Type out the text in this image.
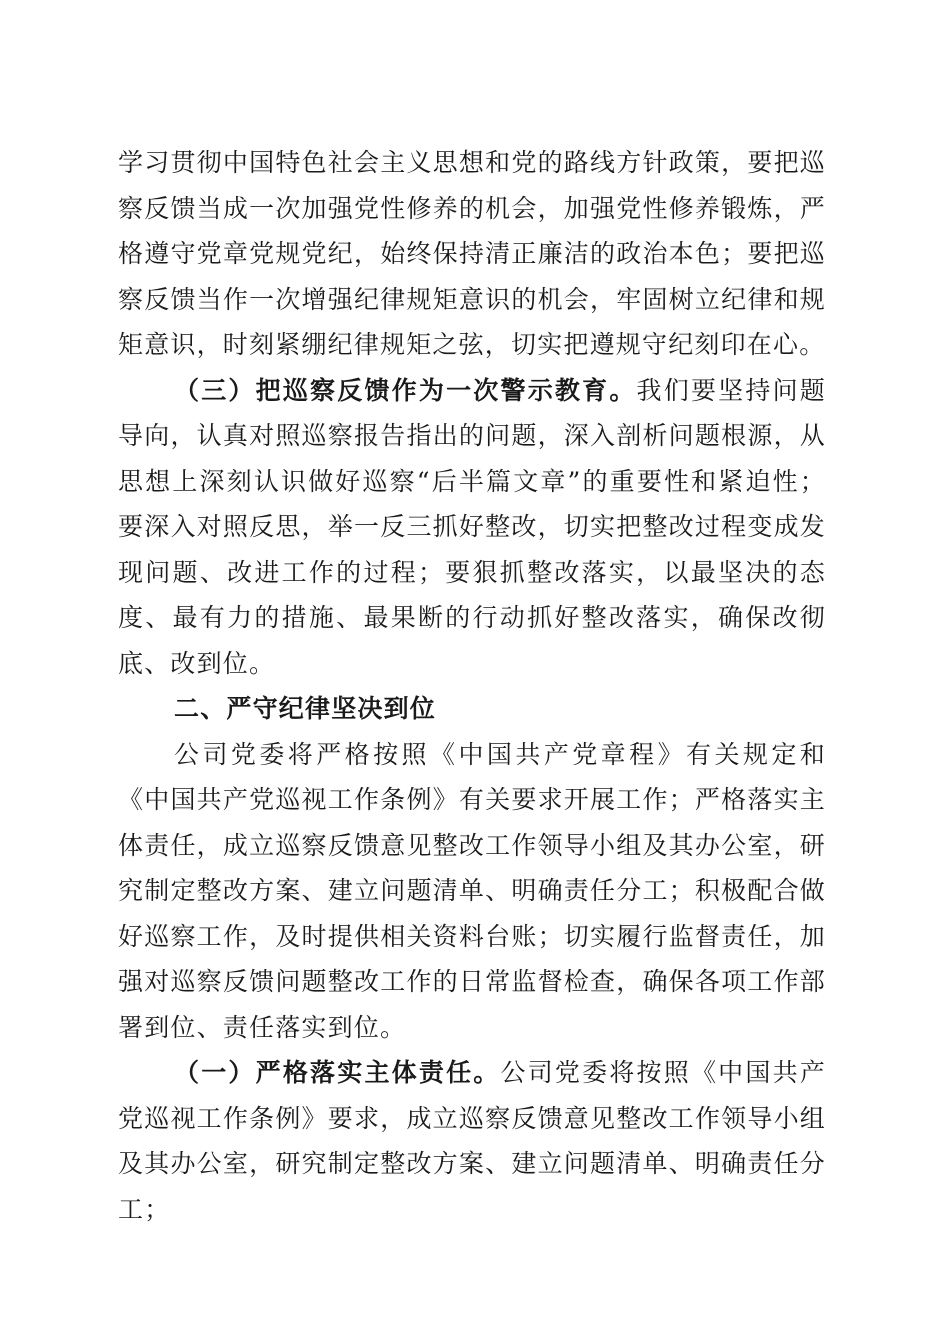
学习贯彻中国特色社会主义思想和党的路线方针政策，要把巡察反馈当成一次加强党性修养的机会，加强党性修养锻炼，严格遵守党章党规党纪，始终保持清正廉洁的政治本色；要把巡察反馈当作一次增强纪律规矩意识的机会，牢固树立纪律和规矩意识，时刻紧绷纪律规矩之弦，切实把遵规守纪刻印在心。

（三）把巡察反馈作为一次警示教育。我们要坚持问题导向，认真对照巡察报告指出的问题，深入剖析问题根源，从思想上深刻认识做好巡察“后半篇文章”的重要性和紧迫性；要深入对照反思，举一反三抓好整改，切实把整改过程变成发现问题、改进工作的过程；要狠抓整改落实，以最坚决的态度、最有力的措施、最果断的行动抓好整改落实，确保改彻底、改到位。

二、严守纪律坚决到位

公司党委将严格按照《中国共产党章程》有关规定和《中国共产党巡视工作条例》有关要求开展工作；严格落实主体责任，成立巡察反馈意见整改工作领导小组及其办公室，研究制定整改方案、建立问题清单、明确责任分工；积极配合做好巡察工作，及时提供相关资料台账；切实履行监督责任，加强对巡察反馈问题整改工作的日常监督检查，确保各项工作部署到位、责任落实到位。

（一）严格落实主体责任。公司党委将按照《中国共产党巡视工作条例》要求，成立巡察反馈意见整改工作领导小组及其办公室，研究制定整改方案、建立问题清单、明确责任分工；
